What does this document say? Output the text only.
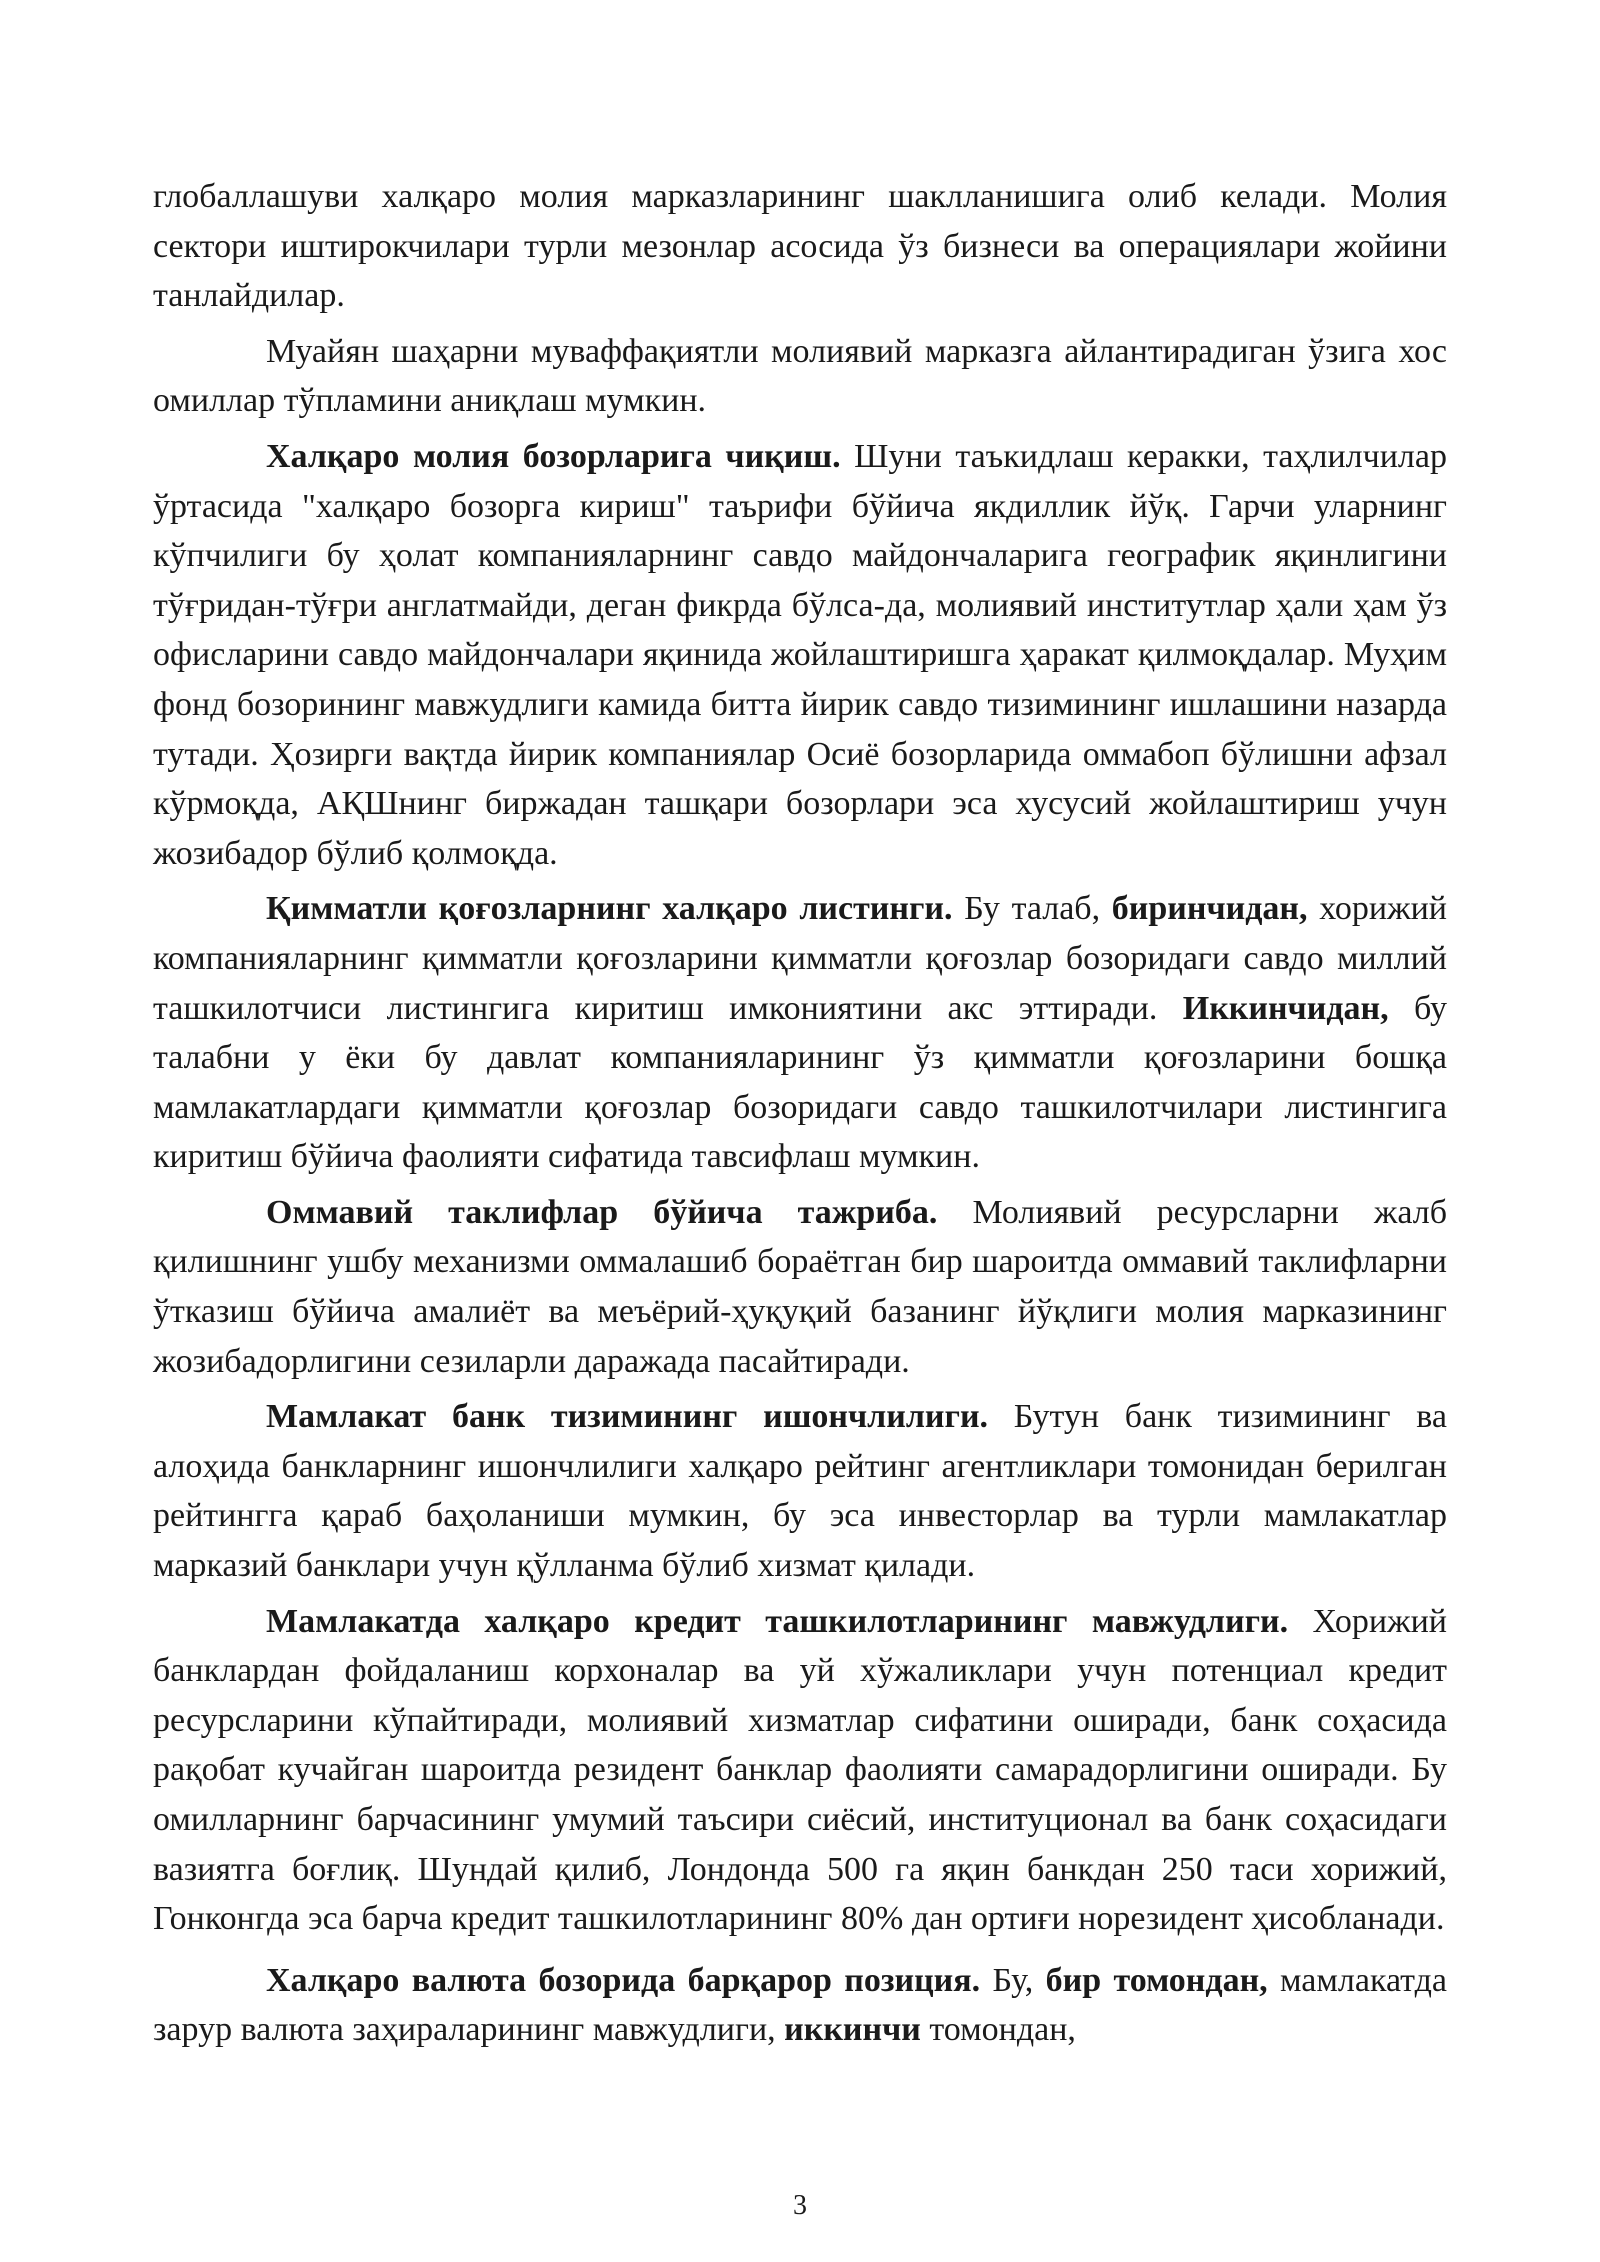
глобаллашуви халқаро молия марказларининг шаклланишига олиб келади. Молия сектори иштирокчилари турли мезонлар асосида ўз бизнеси ва операциялари жойини танлайдилар.

Муайян шаҳарни муваффақиятли молиявий марказга айлантирадиган ўзига хос омиллар тўпламини аниқлаш мумкин.

Халқаро молия бозорларига чиқиш. Шуни таъкидлаш керакки, таҳлилчилар ўртасида "халқаро бозорга кириш" таърифи бўйича якдиллик йўқ. Гарчи уларнинг кўпчилиги бу ҳолат компанияларнинг савдо майдончаларига географик яқинлигини тўғридан-тўғри англатмайди, деган фикрда бўлса-да, молиявий институтлар ҳали ҳам ўз офисларини савдо майдончалари яқинида жойлаштиришга ҳаракат қилмоқдалар. Муҳим фонд бозорининг мавжудлиги камида битта йирик савдо тизимининг ишлашини назарда тутади. Ҳозирги вақтда йирик компаниялар Осиё бозорларида оммабоп бўлишни афзал кўрмоқда, АҚШнинг биржадан ташқари бозорлари эса хусусий жойлаштириш учун жозибадор бўлиб қолмоқда.

Қимматли қоғозларнинг халқаро листинги. Бу талаб, биринчидан, хорижий компанияларнинг қимматли қоғозларини қимматли қоғозлар бозоридаги савдо миллий ташкилотчиси листингига киритиш имкониятини акс эттиради. Иккинчидан, бу талабни у ёки бу давлат компанияларининг ўз қимматли қоғозларини бошқа мамлакатлардаги қимматли қоғозлар бозоридаги савдо ташкилотчилари листингига киритиш бўйича фаолияти сифатида тавсифлаш мумкин.

Оммавий таклифлар бўйича тажриба. Молиявий ресурсларни жалб қилишнинг ушбу механизми оммалашиб бораётган бир шароитда оммавий таклифларни ўтказиш бўйича амалиёт ва меъёрий-ҳуқуқий базанинг йўқлиги молия марказининг жозибадорлигини сезиларли даражада пасайтиради.

Мамлакат банк тизимининг ишончлилиги. Бутун банк тизимининг ва алоҳида банкларнинг ишончлилиги халқаро рейтинг агентликлари томонидан берилган рейтингга қараб баҳоланиши мумкин, бу эса инвесторлар ва турли мамлакатлар марказий банклари учун қўлланма бўлиб хизмат қилади.

Мамлакатда халқаро кредит ташкилотларининг мавжудлиги. Хорижий банклардан фойдаланиш корхоналар ва уй хўжаликлари учун потенциал кредит ресурсларини кўпайтиради, молиявий хизматлар сифатини оширади, банк соҳасида рақобат кучайган шароитда резидент банклар фаолияти самарадорлигини оширади. Бу омилларнинг барчасининг умумий таъсири сиёсий, институционал ва банк соҳасидаги вазиятга боғлиқ. Шундай қилиб, Лондонда 500 га яқин банкдан 250 таси хорижий, Гонконгда эса барча кредит ташкилотларининг 80% дан ортиғи норезидент ҳисобланади.

Халқаро валюта бозорида барқарор позиция. Бу, бир томондан, мамлакатда зарур валюта заҳираларининг мавжудлиги, иккинчи томондан,

3
